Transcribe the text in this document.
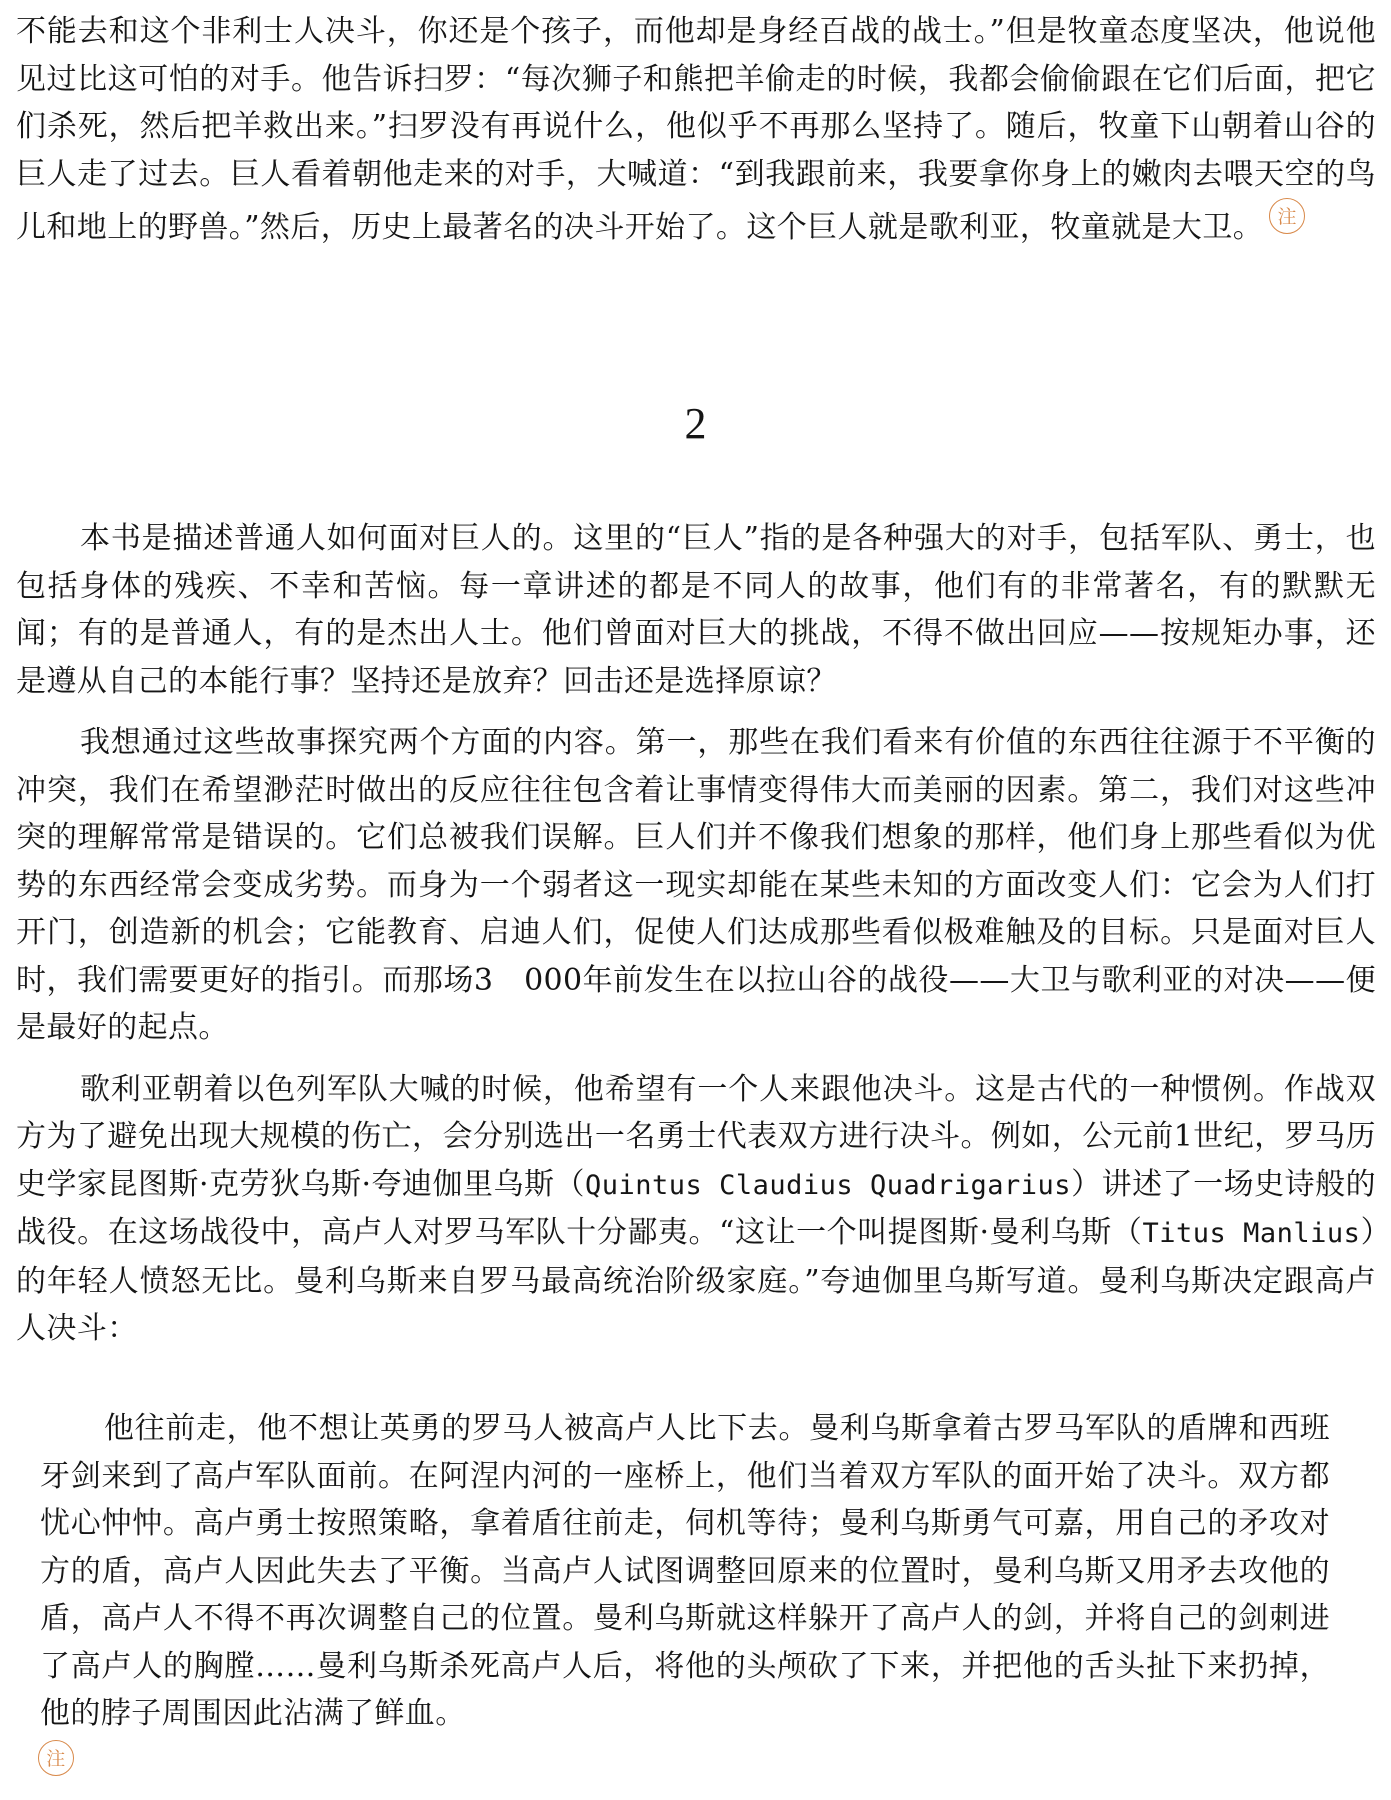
不能去和这个非利士人决斗，你还是个孩子，而他却是身经百战的战士。”但是牧童态度坚决，他说他见过比这可怕的对手。他告诉扫罗：“每次狮子和熊把羊偷走的时候，我都会偷偷跟在它们后面，把它们杀死，然后把羊救出来。”扫罗没有再说什么，他似乎不再那么坚持了。随后，牧童下山朝着山谷的巨人走了过去。巨人看着朝他走来的对手，大喊道：“到我跟前来，我要拿你身上的嫩肉去喂天空的鸟儿和地上的野兽。”然后，历史上最著名的决斗开始了。这个巨人就是歌利亚，牧童就是大卫。 注

2

本书是描述普通人如何面对巨人的。这里的“巨人”指的是各种强大的对手，包括军队、勇士，也包括身体的残疾、不幸和苦恼。每一章讲述的都是不同人的故事，他们有的非常著名，有的默默无闻；有的是普通人，有的是杰出人士。他们曾面对巨大的挑战，不得不做出回应——按规矩办事，还是遵从自己的本能行事？坚持还是放弃？回击还是选择原谅？

我想通过这些故事探究两个方面的内容。第一，那些在我们看来有价值的东西往往源于不平衡的冲突，我们在希望渺茫时做出的反应往往包含着让事情变得伟大而美丽的因素。第二，我们对这些冲突的理解常常是错误的。它们总被我们误解。巨人们并不像我们想象的那样，他们身上那些看似为优势的东西经常会变成劣势。而身为一个弱者这一现实却能在某些未知的方面改变人们：它会为人们打开门，创造新的机会；它能教育、启迪人们，促使人们达成那些看似极难触及的目标。只是面对巨人时，我们需要更好的指引。而那场3　000年前发生在以拉山谷的战役——大卫与歌利亚的对决——便是最好的起点。

歌利亚朝着以色列军队大喊的时候，他希望有一个人来跟他决斗。这是古代的一种惯例。作战双方为了避免出现大规模的伤亡，会分别选出一名勇士代表双方进行决斗。例如，公元前1世纪，罗马历史学家昆图斯·克劳狄乌斯·夸迪伽里乌斯（Quintus Claudius Quadrigarius）讲述了一场史诗般的战役。在这场战役中，高卢人对罗马军队十分鄙夷。“这让一个叫提图斯·曼利乌斯（Titus Manlius）的年轻人愤怒无比。曼利乌斯来自罗马最高统治阶级家庭。”夸迪伽里乌斯写道。曼利乌斯决定跟高卢人决斗：

他往前走，他不想让英勇的罗马人被高卢人比下去。曼利乌斯拿着古罗马军队的盾牌和西班牙剑来到了高卢军队面前。在阿涅内河的一座桥上，他们当着双方军队的面开始了决斗。双方都忧心忡忡。高卢勇士按照策略，拿着盾往前走，伺机等待；曼利乌斯勇气可嘉，用自己的矛攻对方的盾，高卢人因此失去了平衡。当高卢人试图调整回原来的位置时，曼利乌斯又用矛去攻他的盾，高卢人不得不再次调整自己的位置。曼利乌斯就这样躲开了高卢人的剑，并将自己的剑刺进了高卢人的胸膛……曼利乌斯杀死高卢人后，将他的头颅砍了下来，并把他的舌头扯下来扔掉，他的脖子周围因此沾满了鲜血。
注
